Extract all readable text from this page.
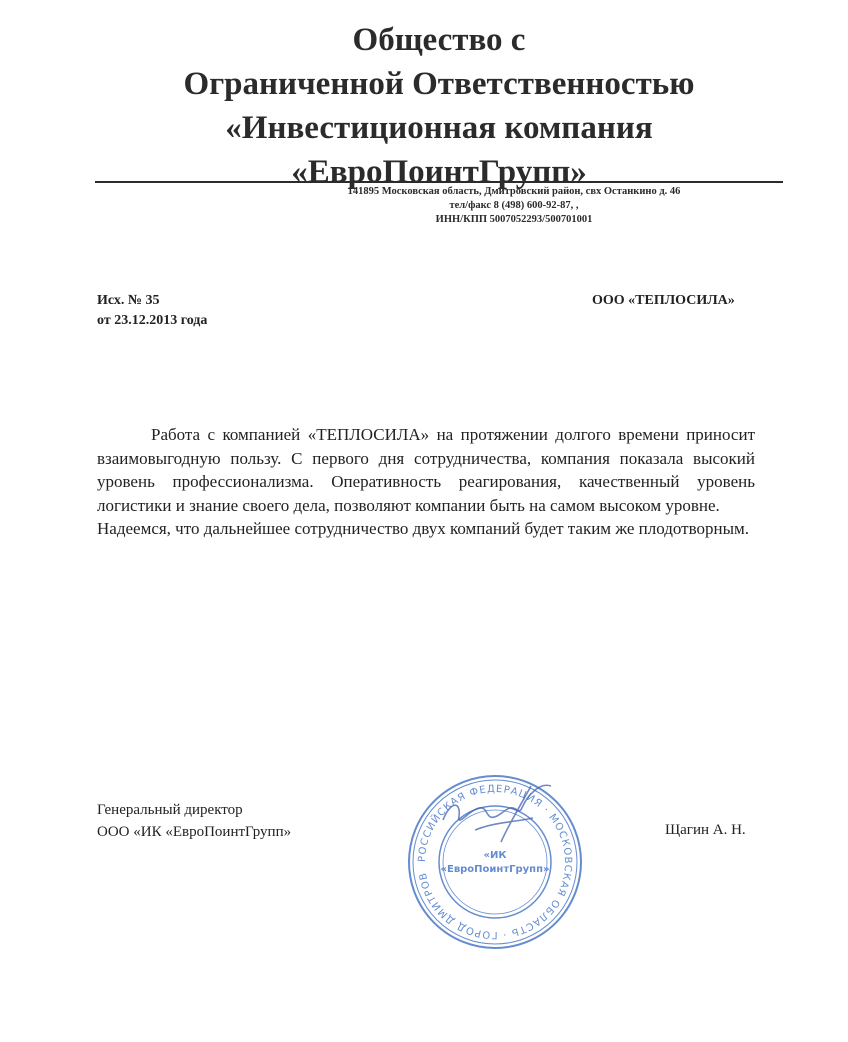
Общество с
Ограниченной Ответственностью
«Инвестиционная компания
«ЕвроПоинтГрупп»
141895 Московская область, Дмитровский район, свх Останкино д. 46
тел/факс 8 (498) 600-92-87, ,
ИНН/КПП 5007052293/500701001
Исх. № 35
от 23.12.2013 года
ООО «ТЕПЛОСИЛА»

Работа с компанией «ТЕПЛОСИЛА» на протяжении долгого времени приносит взаимовыгодную пользу. С первого дня сотрудничества, компания показала высокий уровень профессионализма. Оперативность реагирования, качественный уровень логистики и знание своего дела, позволяют компании быть на самом высоком уровне.

Надеемся, что дальнейшее сотрудничество двух компаний будет таким же плодотворным.

Генеральный директор
ООО «ИК «ЕвроПоинтГрупп»	Щагин А. Н.
РОССИЙСКАЯ ФЕДЕРАЦИЯ · МОСКОВСКАЯ ОБЛАСТЬ · ГОРОД ДМИТРОВ
«ИК
«ЕвроПоинтГрупп»
